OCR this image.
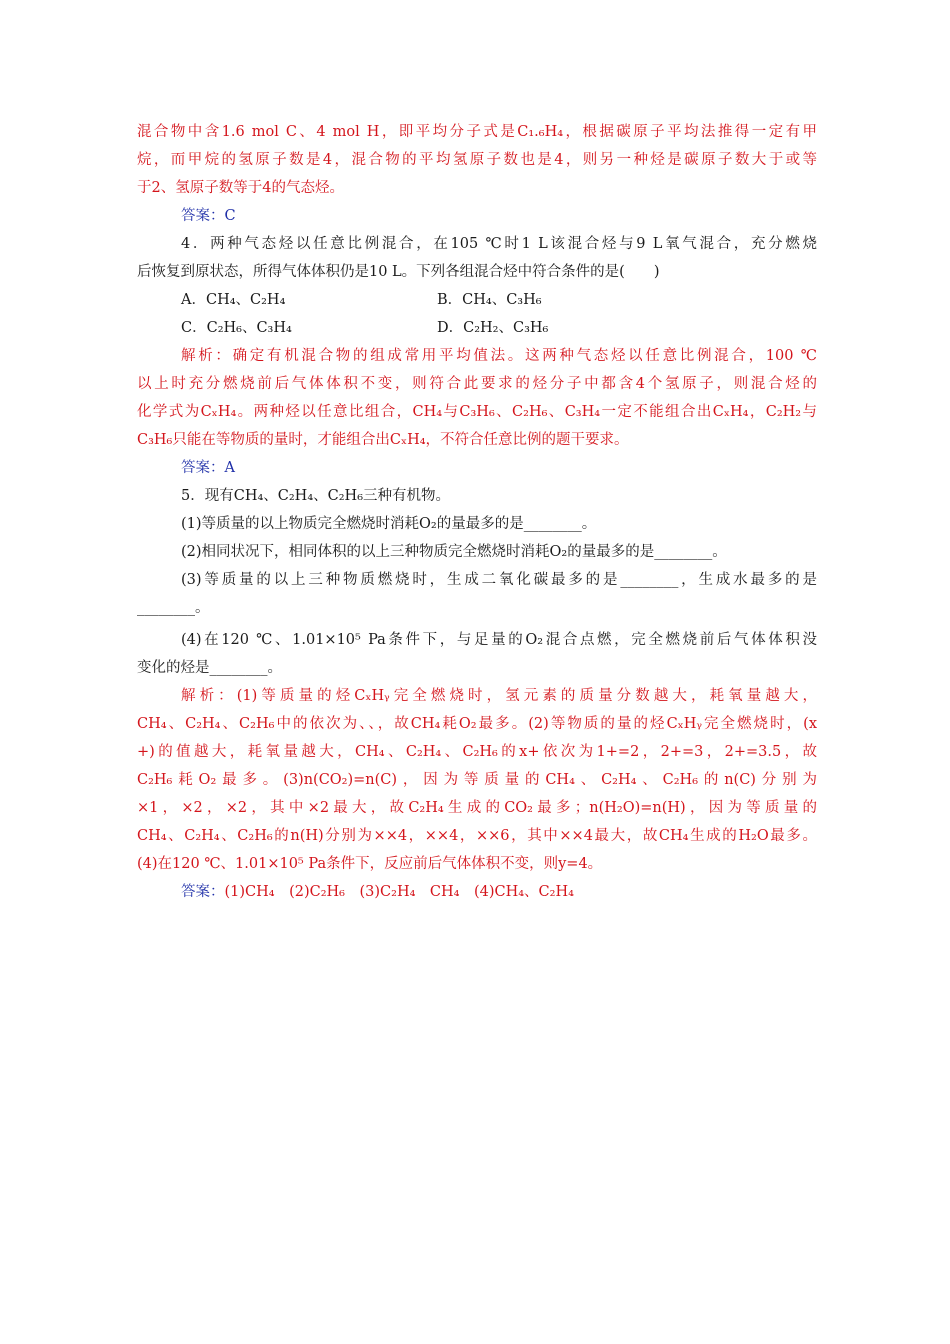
混合物中含1.6 mol C、4 mol H，即平均分子式是C₁.₆H₄，根据碳原子平均法推得一定有甲
烷，而甲烷的氢原子数是4，混合物的平均氢原子数也是4，则另一种烃是碳原子数大于或等
于2、氢原子数等于4的气态烃。
答案：C
4．两种气态烃以任意比例混合，在105 ℃时1 L该混合烃与9 L氧气混合，充分燃烧
后恢复到原状态，所得气体体积仍是10 L。下列各组混合烃中符合条件的是(　　)
A．CH₄、C₂H₄	B．CH₄、C₃H₆
C．C₂H₆、C₃H₄	D．C₂H₂、C₃H₆
解析：确定有机混合物的组成常用平均值法。这两种气态烃以任意比例混合，100 ℃
以上时充分燃烧前后气体体积不变，则符合此要求的烃分子中都含4个氢原子，则混合烃的
化学式为CₓH₄。两种烃以任意比组合，CH₄与C₃H₆、C₂H₆、C₃H₄一定不能组合出CₓH₄，C₂H₂与
C₃H₆只能在等物质的量时，才能组合出CₓH₄，不符合任意比例的题干要求。
答案：A
5．现有CH₄、C₂H₄、C₂H₆三种有机物。
(1)等质量的以上物质完全燃烧时消耗O₂的量最多的是________。
(2)相同状况下，相同体积的以上三种物质完全燃烧时消耗O₂的量最多的是________。
(3)等质量的以上三种物质燃烧时，生成二氧化碳最多的是________，生成水最多的是
________。
(4)在120 ℃、1.01×10⁵ Pa条件下，与足量的O₂混合点燃，完全燃烧前后气体体积没
变化的烃是________。
解析：(1)等质量的烃CₓHᵧ完全燃烧时，氢元素的质量分数越大，耗氧量越大，
CH₄、C₂H₄、C₂H₆中的依次为、、，故CH₄耗O₂最多。(2)等物质的量的烃CₓHᵧ完全燃烧时，(x
+)的值越大，耗氧量越大，CH₄、C₂H₄、C₂H₆的x+依次为1+=2，2+=3，2+=3.5，故
C₂H₆耗O₂最多。(3)n(CO₂)=n(C)，因为等质量的CH₄、C₂H₄、C₂H₆的n(C)分别为
×1，×2，×2，其中×2最大，故C₂H₄生成的CO₂最多；n(H₂O)=n(H)，因为等质量的
CH₄、C₂H₄、C₂H₆的n(H)分别为××4，××4，××6，其中××4最大，故CH₄生成的H₂O最多。
(4)在120 ℃、1.01×10⁵ Pa条件下，反应前后气体体积不变，则y=4。
答案：(1)CH₄　(2)C₂H₆　(3)C₂H₄　CH₄　(4)CH₄、C₂H₄
